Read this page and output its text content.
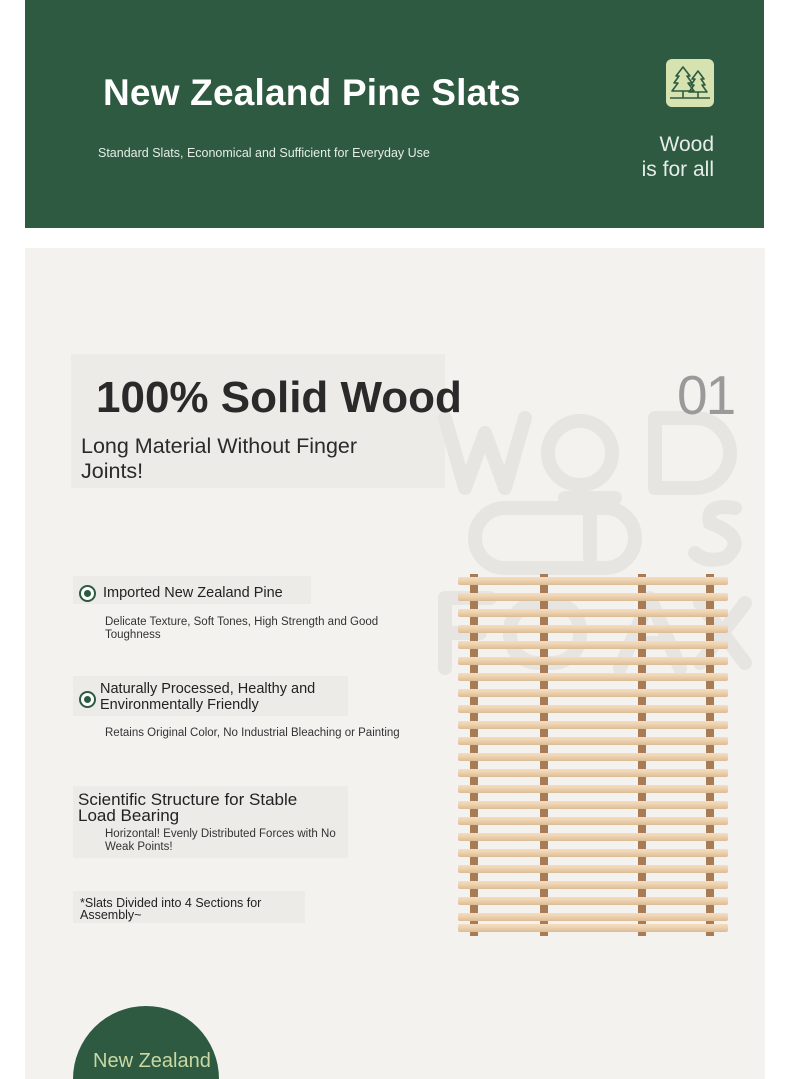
New Zealand Pine Slats
Standard Slats, Economical and Sufficient for Everyday Use	Wood
is for all
100% Solid Wood	01
Long Material Without Finger Joints!
Imported New Zealand Pine
Delicate Texture, Soft Tones, High Strength and Good Toughness
Naturally Processed, Healthy and Environmentally Friendly
Retains Original Color, No Industrial Bleaching or Painting
Scientific Structure for Stable Load Bearing
Horizontal! Evenly Distributed Forces with No Weak Points!
*Slats Divided into 4 Sections for Assembly~
New Zealand
